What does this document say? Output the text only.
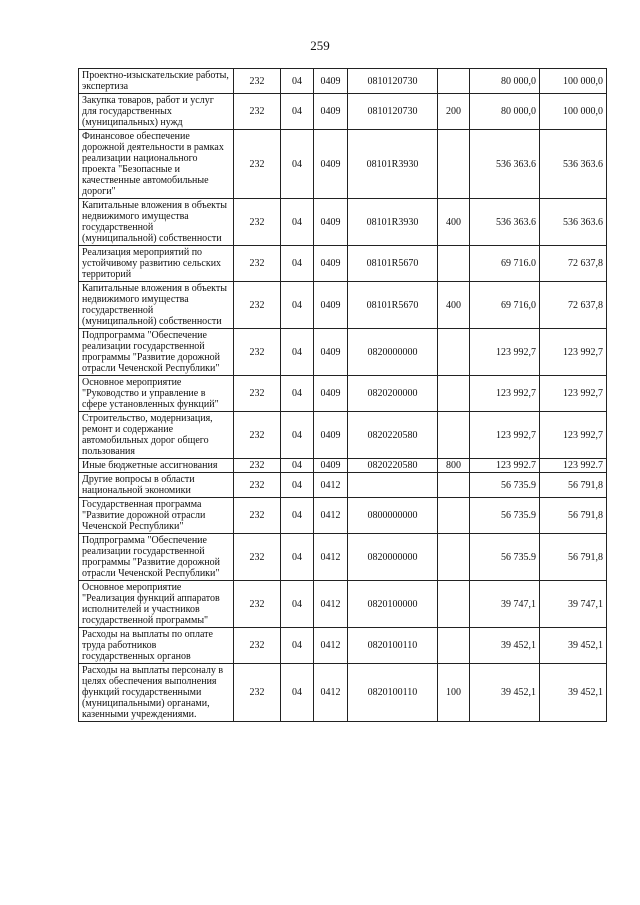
259
Проектно-изыскательские работы, экспертиза	232	04	0409	0810120730		80 000,0	100 000,0
Закупка товаров, работ и услуг для государственных (муниципальных) нужд	232	04	0409	0810120730	200	80 000,0	100 000,0
Финансовое обеспечение дорожной деятельности в рамках реализации национального проекта "Безопасные и качественные автомобильные дороги"	232	04	0409	08101R3930		536 363.6	536 363.6
Капитальные вложения в объекты недвижимого имущества государственной (муниципальной) собственности	232	04	0409	08101R3930	400	536 363.6	536 363.6
Реализация мероприятий по устойчивому развитию сельских территорий	232	04	0409	08101R5670		69 716.0	72 637,8
Капитальные вложения в объекты недвижимого имущества государственной (муниципальной) собственности	232	04	0409	08101R5670	400	69 716,0	72 637,8
Подпрограмма "Обеспечение реализации государственной программы "Развитие дорожной отрасли Чеченской Республики"	232	04	0409	0820000000		123 992,7	123 992,7
Основное мероприятие "Руководство и управление в сфере установленных функций"	232	04	0409	0820200000		123 992,7	123 992,7
Строительство, модернизация, ремонт и содержание автомобильных дорог общего пользования	232	04	0409	0820220580		123 992,7	123 992,7
Иные бюджетные ассигнования	232	04	0409	0820220580	800	123 992.7	123 992.7
Другие вопросы в области национальной экономики	232	04	0412			56 735.9	56 791,8
Государственная программа "Развитие дорожной отрасли Чеченской Республики"	232	04	0412	0800000000		56 735.9	56 791,8
Подпрограмма "Обеспечение реализации государственной программы "Развитие дорожной отрасли Чеченской Республики"	232	04	0412	0820000000		56 735.9	56 791,8
Основное мероприятие "Реализация функций аппаратов исполнителей и участников государственной программы"	232	04	0412	0820100000		39 747,1	39 747,1
Расходы на выплаты по оплате труда работников государственных органов	232	04	0412	0820100110		39 452,1	39 452,1
Расходы на выплаты персоналу в целях обеспечения выполнения функций государственными (муниципальными) органами, казенными учреждениями.	232	04	0412	0820100110	100	39 452,1	39 452,1
